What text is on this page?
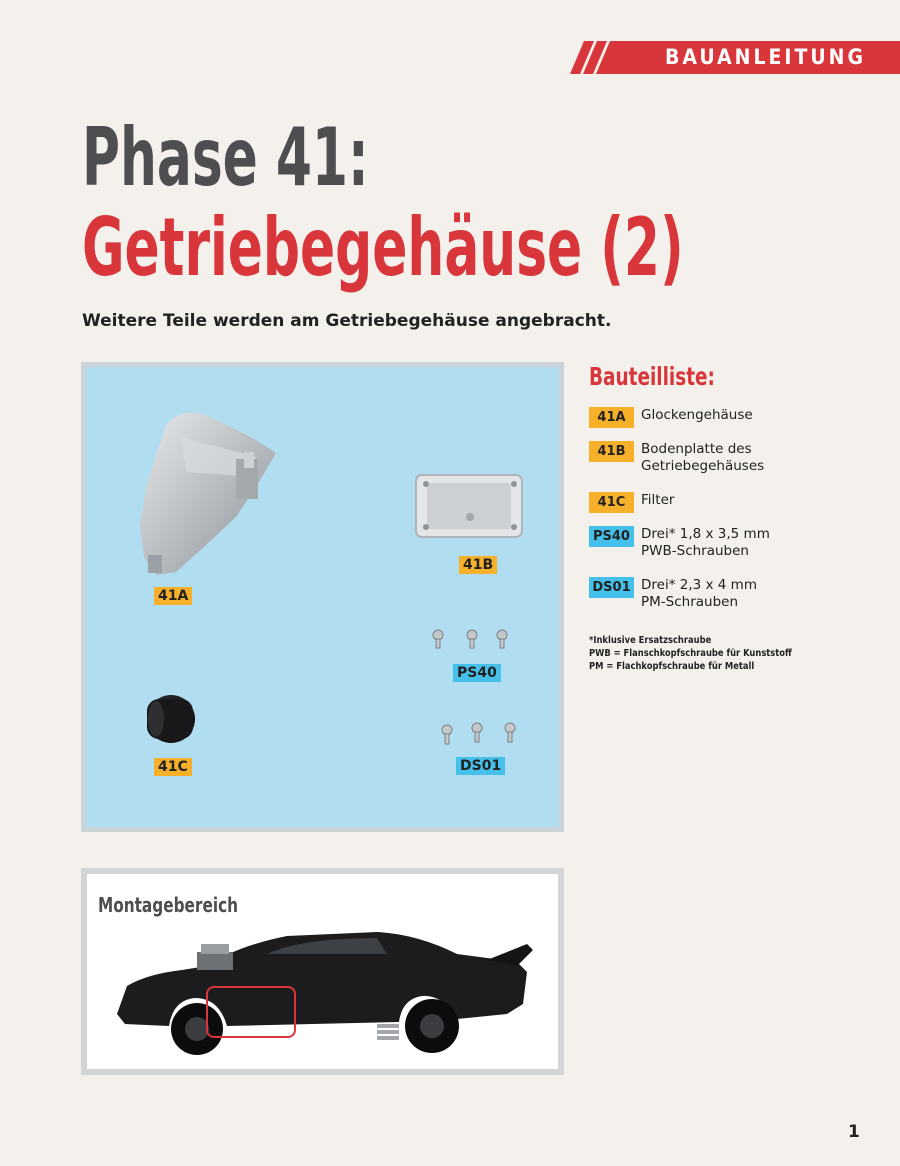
BAUANLEITUNG
Phase 41:
Getriebegehäuse (2)
Weitere Teile werden am Getriebegehäuse angebracht.
41A
41B
PS40
41C	DS01
Bauteilliste:
41A	Glockengehäuse
41B	Bodenplatte des
Getriebegehäuses
41C	Filter
PS40 Drei* 1,8 x 3,5 mm
PWB-Schrauben
DS01 Drei* 2,3 x 4 mm
PM-Schrauben
*Inklusive Ersatzschraube
PWB = Flanschkopfschraube für Kunststoff
PM = Flachkopfschraube für Metall
Montagebereich
1
